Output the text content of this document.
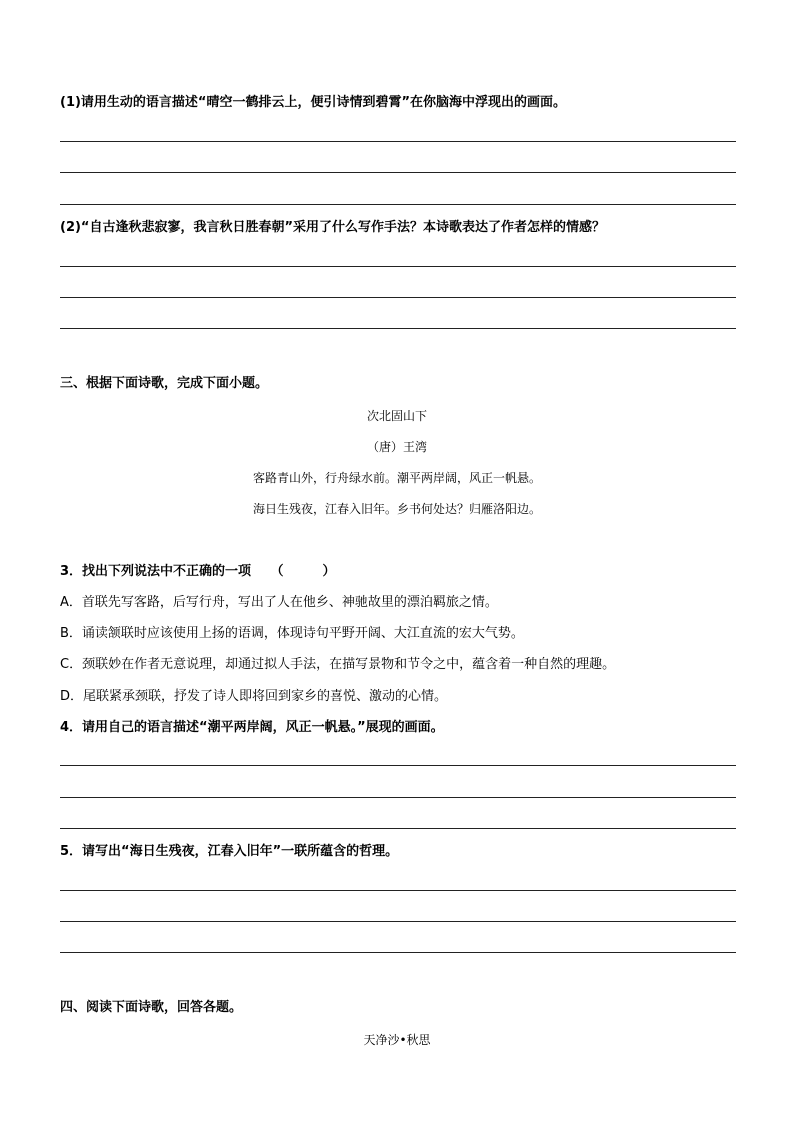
(1)请用生动的语言描述“晴空一鹤排云上，便引诗情到碧霄”在你脑海中浮现出的画面。
(2)“自古逢秋悲寂寥，我言秋日胜春朝”采用了什么写作手法？本诗歌表达了作者怎样的情感？
三、根据下面诗歌，完成下面小题。
次北固山下
（唐）王湾
客路青山外，行舟绿水前。潮平两岸阔，风正一帆悬。
海日生残夜，江春入旧年。乡书何处达？归雁洛阳边。
3．找出下列说法中不正确的一项　　（　　　）
A．首联先写客路，后写行舟，写出了人在他乡、神驰故里的漂泊羁旅之情。
B．诵读颔联时应该使用上扬的语调，体现诗句平野开阔、大江直流的宏大气势。
C．颈联妙在作者无意说理，却通过拟人手法，在描写景物和节令之中，蕴含着一种自然的理趣。
D．尾联紧承颈联，抒发了诗人即将回到家乡的喜悦、激动的心情。
4．请用自己的语言描述“潮平两岸阔，风正一帆悬。”展现的画面。
5．请写出“海日生残夜，江春入旧年”一联所蕴含的哲理。
四、阅读下面诗歌，回答各题。
天净沙•秋思
